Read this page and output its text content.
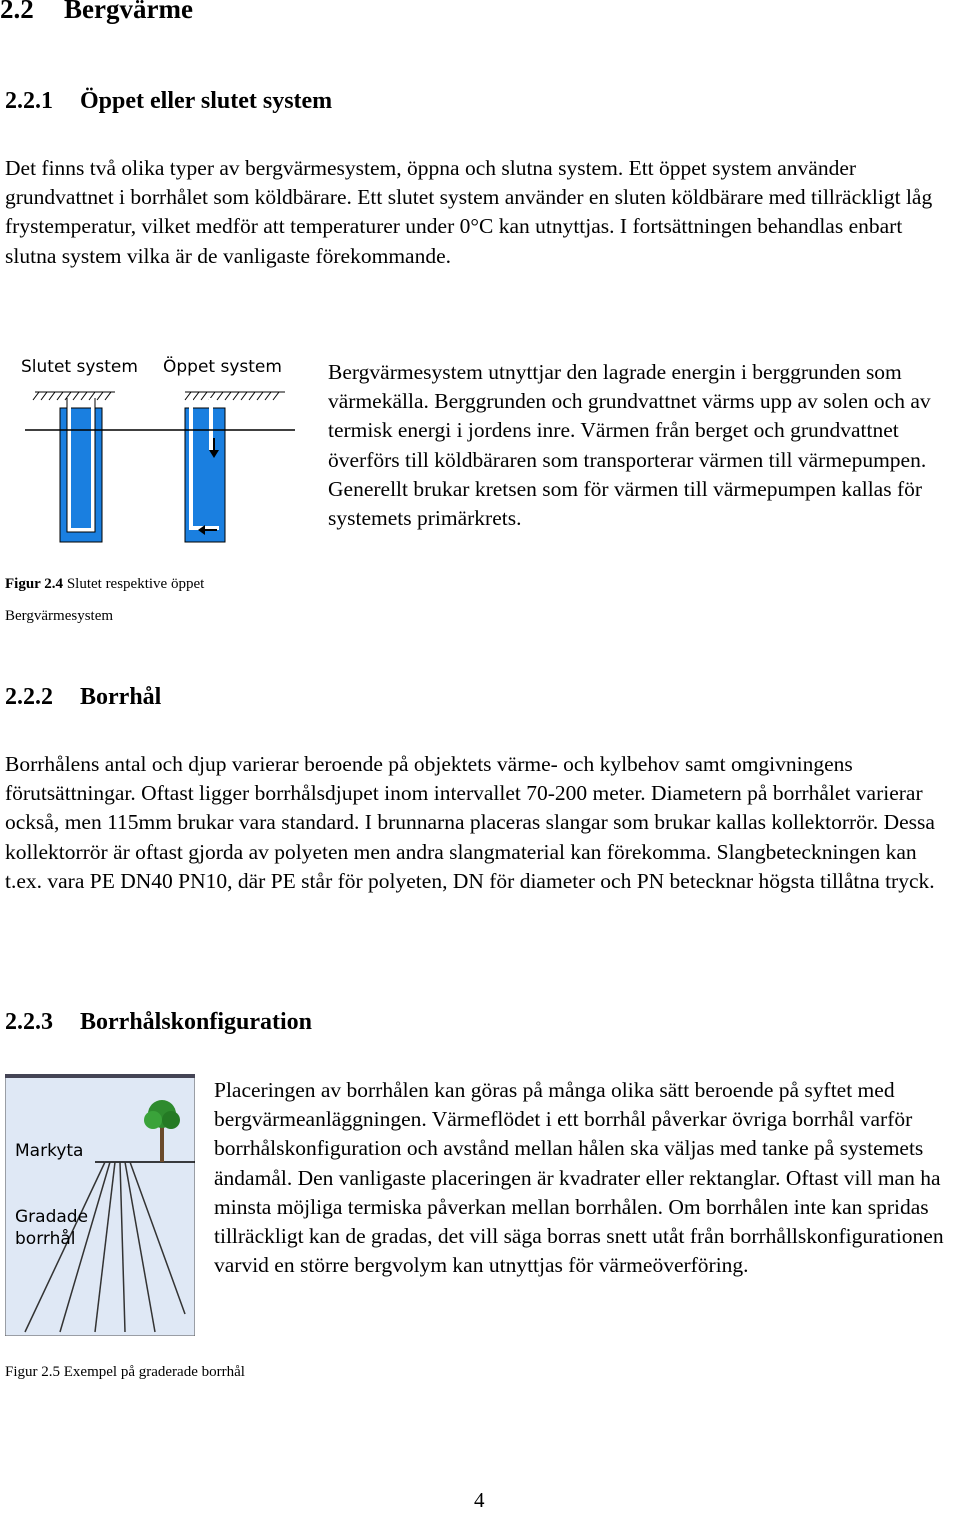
2.2 Bergvärme
2.2.1 Öppet eller slutet system

Det finns två olika typer av bergvärmesystem, öppna och slutna system. Ett öppet system använder grundvattnet i borrhålet som köldbärare. Ett slutet system använder en sluten köldbärare med tillräckligt låg frystemperatur, vilket medför att temperaturer under 0°C kan utnyttjas. I fortsättningen behandlas enbart slutna system vilka är de vanligaste förekommande.

Slutet system Öppet system Bergvärmesystem utnyttjar den lagrade energin i berggrunden som värmekälla. Berggrunden och grundvattnet värms upp av solen och av termisk energi i jordens inre. Värmen från berget och grundvattnet överförs till köldbäraren som transporterar värmen till värmepumpen. Generellt brukar kretsen som för värmen till värmepumpen kallas för systemets primärkrets.

Figur 2.4 Slutet respektive öppet
Bergvärmesystem

2.2.2 Borrhål

Borrhålens antal och djup varierar beroende på objektets värme- och kylbehov samt omgivningens förutsättningar. Oftast ligger borrhålsdjupet inom intervallet 70-200 meter. Diametern på borrhålet varierar också, men 115mm brukar vara standard. I brunnarna placeras slangar som brukar kallas kollektorrör. Dessa kollektorrör är oftast gjorda av polyeten men andra slangmaterial kan förekomma. Slangbeteckningen kan t.ex. vara PE DN40 PN10, där PE står för polyeten, DN för diameter och PN betecknar högsta tillåtna tryck.

2.2.3 Borrhålskonfiguration
Markyta
Gradade
borrhål

Placeringen av borrhålen kan göras på många olika sätt beroende på syftet med bergvärmeanläggningen. Värmeflödet i ett borrhål påverkar övriga borrhål varför borrhålskonfiguration och avstånd mellan hålen ska väljas med tanke på systemets ändamål. Den vanligaste placeringen är kvadrater eller rektanglar. Oftast vill man ha minsta möjliga termiska påverkan mellan borrhålen. Om borrhålen inte kan spridas tillräckligt kan de gradas, det vill säga borras snett utåt från borrhållskonfigurationen varvid en större bergvolym kan utnyttjas för värmeöverföring.

Figur 2.5 Exempel på graderade borrhål

4
